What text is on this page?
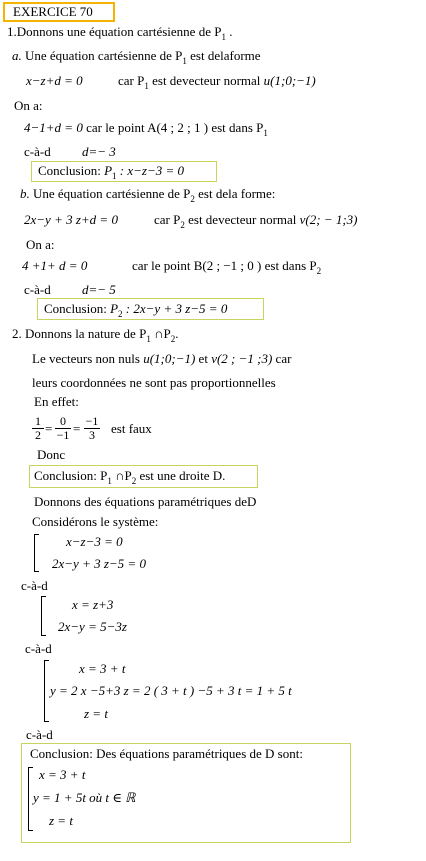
EXERCICE 70
1.Donnons une équation cartésienne de $P_1$ .
a. Une équation cartésienne de $P_1$ est delaforme
x−z+d = 0	car $P_1$ est devecteur normal u(1;0;−1)
On a:
4−1+d = 0 car le point A(4 ; 2 ; 1 ) est dans $P_1$
c-à-d d=− 3
Conclusion: $P_1$ : x−z−3 = 0
b. Une équation cartésienne de $P_2$ est dela forme:
2x−y + 3 z+d = 0	car $P_2$ est devecteur normal v(2; − 1;3)
On a:
4 +1+ d = 0	car le point B(2 ; −1 ; 0 ) est dans $P_2$
c-à-d d=− 5
Conclusion: $P_2$ : 2x−y + 3 z−5 = 0
2. Donnons la nature de $P_1$ $\cap P_2$.
Le vecteurs non nuls u(1;0;−1) et v(2 ; −1 ;3) car
leurs coordonnées ne sont pas proportionnelles
En effet:
$\frac{1}{2} = \frac{0}{-1} = \frac{-1}{3}$ est faux
Donc
Conclusion: $P_1$ $\cap P_2$ est une droite D.
Donnons des équations paramétriques deD
Considérons le système:
x−z−3 = 0
2x−y + 3 z−5 = 0
c-à-d
x = z+3
2x−y = 5−3z
c-à-d
x = 3 + t
y = 2 x −5+3 z = 2 ( 3 + t ) −5 + 3 t = 1 + 5 t
z = t
c-à-d
Conclusion: Des équations paramétriques de D sont:
x = 3 + t
y = 1 + 5t où t ∈ ℝ
z = t
